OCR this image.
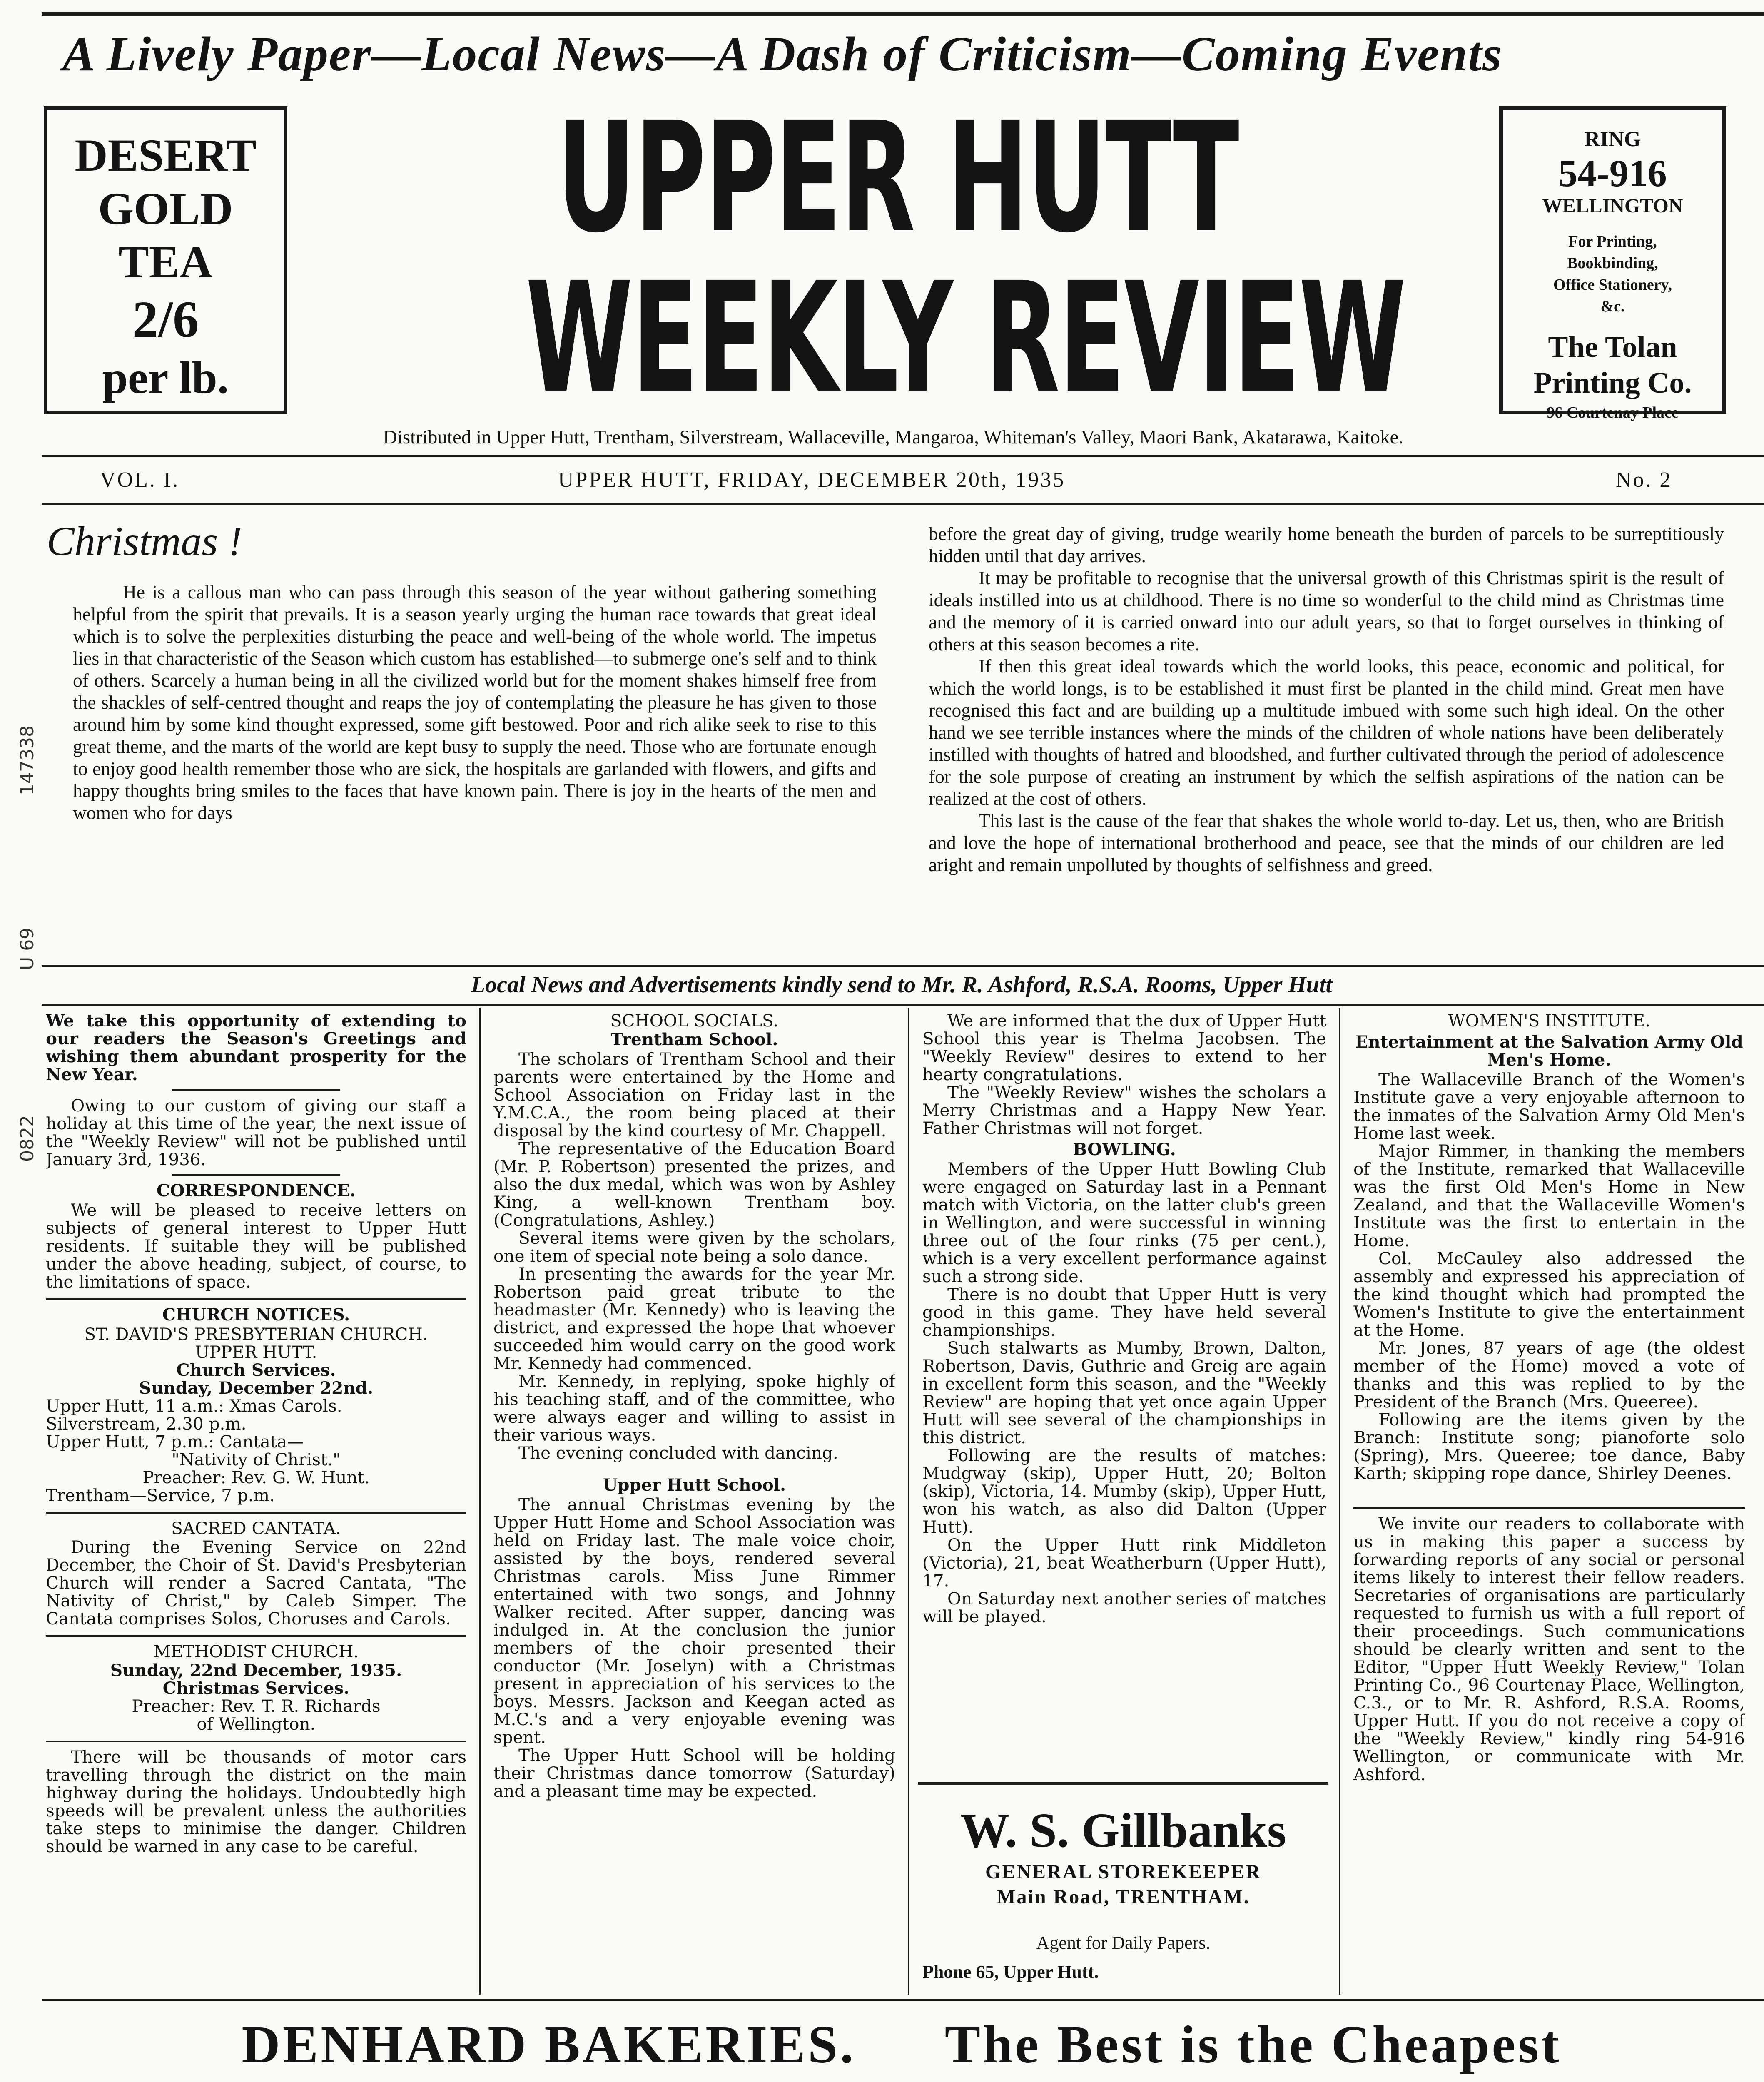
A Lively Paper—Local News—A Dash of Criticism—Coming Events
DESERT
GOLD
TEA
2/6
per lb.
UPPER HUTT
WEEKLY REVIEW
RING
54-916
WELLINGTON
For Printing,
Bookbinding,
Office Stationery,
&c.
The Tolan
Printing Co.
96 Courtenay Place
Distributed in Upper Hutt, Trentham, Silverstream, Wallaceville, Mangaroa, Whiteman's Valley, Maori Bank, Akatarawa, Kaitoke.
VOL. I.	UPPER HUTT, FRIDAY, DECEMBER 20th, 1935	No. 2
Christmas !

He is a callous man who can pass through this season of the year without gathering something helpful from the spirit that prevails. It is a season yearly urging the human race towards that great ideal which is to solve the perplexities disturbing the peace and well-being of the whole world. The impetus lies in that characteristic of the Season which custom has established—to submerge one's self and to think of others. Scarcely a human being in all the civilized world but for the moment shakes himself free from the shackles of self-centred thought and reaps the joy of contemplating the pleasure he has given to those around him by some kind thought expressed, some gift bestowed. Poor and rich alike seek to rise to this great theme, and the marts of the world are kept busy to supply the need. Those who are fortunate enough to enjoy good health remember those who are sick, the hospitals are garlanded with flowers, and gifts and happy thoughts bring smiles to the faces that have known pain. There is joy in the hearts of the men and women who for days

before the great day of giving, trudge wearily home beneath the burden of parcels to be surreptitiously hidden until that day arrives.

It may be profitable to recognise that the universal growth of this Christmas spirit is the result of ideals instilled into us at childhood. There is no time so wonderful to the child mind as Christmas time and the memory of it is carried onward into our adult years, so that to forget ourselves in thinking of others at this season becomes a rite.

If then this great ideal towards which the world looks, this peace, economic and political, for which the world longs, is to be established it must first be planted in the child mind. Great men have recognised this fact and are building up a multitude imbued with some such high ideal. On the other hand we see terrible instances where the minds of the children of whole nations have been deliberately instilled with thoughts of hatred and bloodshed, and further cultivated through the period of adolescence for the sole purpose of creating an instrument by which the selfish aspirations of the nation can be realized at the cost of others.

This last is the cause of the fear that shakes the whole world to-day. Let us, then, who are British and love the hope of international brotherhood and peace, see that the minds of our children are led aright and remain unpolluted by thoughts of selfishness and greed.

Local News and Advertisements kindly send to Mr. R. Ashford, R.S.A. Rooms, Upper Hutt

We take this opportunity of extending to our readers the Season's Greetings and wishing them abundant prosperity for the New Year.

Owing to our custom of giving our staff a holiday at this time of the year, the next issue of the "Weekly Review" will not be published until January 3rd, 1936.

CORRESPONDENCE.

We will be pleased to receive letters on subjects of general interest to Upper Hutt residents. If suitable they will be published under the above heading, subject, of course, to the limitations of space.

CHURCH NOTICES.
ST. DAVID'S PRESBYTERIAN CHURCH.
UPPER HUTT.
Church Services.
Sunday, December 22nd.
Upper Hutt, 11 a.m.: Xmas Carols.
Silverstream, 2.30 p.m.
Upper Hutt, 7 p.m.: Cantata—
"Nativity of Christ."
Preacher: Rev. G. W. Hunt.
Trentham—Service, 7 p.m.
SACRED CANTATA.

During the Evening Service on 22nd December, the Choir of St. David's Presbyterian Church will render a Sacred Cantata, "The Nativity of Christ," by Caleb Simper. The Cantata comprises Solos, Choruses and Carols.

METHODIST CHURCH.
Sunday, 22nd December, 1935.
Christmas Services.
Preacher: Rev. T. R. Richards
of Wellington.

There will be thousands of motor cars travelling through the district on the main highway during the holidays. Undoubtedly high speeds will be prevalent unless the authorities take steps to minimise the danger. Children should be warned in any case to be careful.

SCHOOL SOCIALS.
Trentham School.

The scholars of Trentham School and their parents were entertained by the Home and School Association on Friday last in the Y.M.C.A., the room being placed at their disposal by the kind courtesy of Mr. Chappell.

The representative of the Education Board (Mr. P. Robertson) presented the prizes, and also the dux medal, which was won by Ashley King, a well-known Trentham boy. (Congratulations, Ashley.)

Several items were given by the scholars, one item of special note being a solo dance.

In presenting the awards for the year Mr. Robertson paid great tribute to the headmaster (Mr. Kennedy) who is leaving the district, and expressed the hope that whoever succeeded him would carry on the good work Mr. Kennedy had commenced.

Mr. Kennedy, in replying, spoke highly of his teaching staff, and of the committee, who were always eager and willing to assist in their various ways.

The evening concluded with dancing.

Upper Hutt School.

The annual Christmas evening by the Upper Hutt Home and School Association was held on Friday last. The male voice choir, assisted by the boys, rendered several Christmas carols. Miss June Rimmer entertained with two songs, and Johnny Walker recited. After supper, dancing was indulged in. At the conclusion the junior members of the choir presented their conductor (Mr. Joselyn) with a Christmas present in appreciation of his services to the boys. Messrs. Jackson and Keegan acted as M.C.'s and a very enjoyable evening was spent.

The Upper Hutt School will be holding their Christmas dance tomorrow (Saturday) and a pleasant time may be expected.

We are informed that the dux of Upper Hutt School this year is Thelma Jacobsen. The "Weekly Review" desires to extend to her hearty congratulations.

The "Weekly Review" wishes the scholars a Merry Christmas and a Happy New Year. Father Christmas will not forget.

BOWLING.

Members of the Upper Hutt Bowling Club were engaged on Saturday last in a Pennant match with Victoria, on the latter club's green in Wellington, and were successful in winning three out of the four rinks (75 per cent.), which is a very excellent performance against such a strong side.

There is no doubt that Upper Hutt is very good in this game. They have held several championships.

Such stalwarts as Mumby, Brown, Dalton, Robertson, Davis, Guthrie and Greig are again in excellent form this season, and the "Weekly Review" are hoping that yet once again Upper Hutt will see several of the championships in this district.

Following are the results of matches: Mudgway (skip), Upper Hutt, 20; Bolton (skip), Victoria, 14. Mumby (skip), Upper Hutt, won his watch, as also did Dalton (Upper Hutt).

On the Upper Hutt rink Middleton (Victoria), 21, beat Weatherburn (Upper Hutt), 17.

On Saturday next another series of matches will be played.

W. S. Gillbanks
GENERAL STOREKEEPER
Main Road, TRENTHAM.
Agent for Daily Papers.
Phone 65, Upper Hutt.
WOMEN'S INSTITUTE.
Entertainment at the Salvation Army Old Men's Home.

The Wallaceville Branch of the Women's Institute gave a very enjoyable afternoon to the inmates of the Salvation Army Old Men's Home last week.

Major Rimmer, in thanking the members of the Institute, remarked that Wallaceville was the first Old Men's Home in New Zealand, and that the Wallaceville Women's Institute was the first to entertain in the Home.

Col. McCauley also addressed the assembly and expressed his appreciation of the kind thought which had prompted the Women's Institute to give the entertainment at the Home.

Mr. Jones, 87 years of age (the oldest member of the Home) moved a vote of thanks and this was replied to by the President of the Branch (Mrs. Queeree).

Following are the items given by the Branch: Institute song; pianoforte solo (Spring), Mrs. Queeree; toe dance, Baby Karth; skipping rope dance, Shirley Deenes.

We invite our readers to collaborate with us in making this paper a success by forwarding reports of any social or personal items likely to interest their fellow readers. Secretaries of organisations are particularly requested to furnish us with a full report of their proceedings. Such communications should be clearly written and sent to the Editor, "Upper Hutt Weekly Review," Tolan Printing Co., 96 Courtenay Place, Wellington, C.3., or to Mr. R. Ashford, R.S.A. Rooms, Upper Hutt. If you do not receive a copy of the "Weekly Review," kindly ring 54-916 Wellington, or communicate with Mr. Ashford.

DENHARD BAKERIES. The Best is the Cheapest
147338
U 69
0822
